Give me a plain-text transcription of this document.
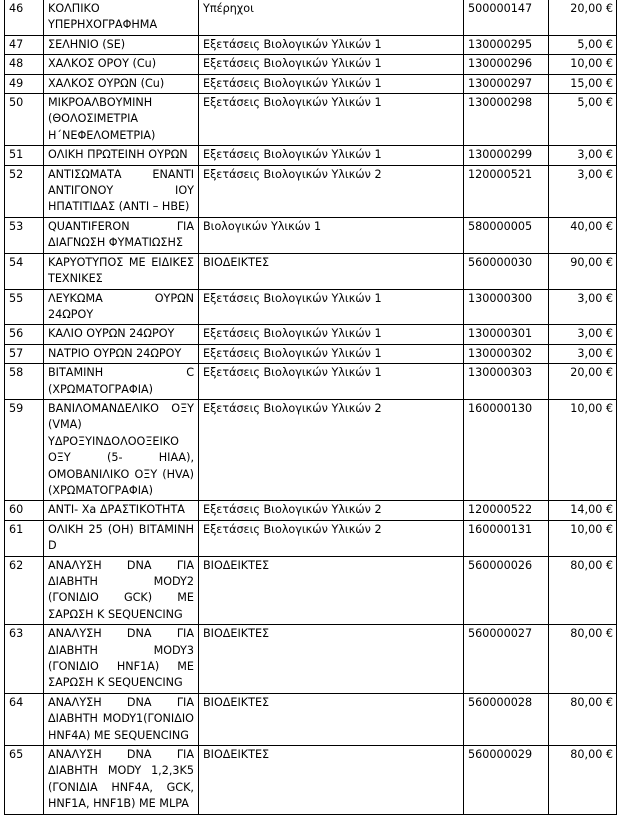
46	ΚΟΛΠΙΚΟ ΥΠΕΡΗΧΟΓΡΑΦΗΜΑ	Υπέρηχοι	500000147	20,00 €

47	ΣΕΛΗΝΙΟ (SE)	Εξετάσεις Βιολογικών Υλικών 1	130000295	5,00 €

48	ΧΑΛΚΟΣ ΟΡΟΥ (Cu)	Εξετάσεις Βιολογικών Υλικών 1	130000296	10,00 €

49	ΧΑΛΚΟΣ ΟΥΡΩΝ (Cu)	Εξετάσεις Βιολογικών Υλικών 1	130000297	15,00 €

50	ΜΙΚΡΟΑΛΒΟΥΜΙΝΗ (ΘΟΛΟΣΙΜΕΤΡΙΑ Η΄ΝΕΦΕΛΟΜΕΤΡΙΑ)	Εξετάσεις Βιολογικών Υλικών 1	130000298	5,00 €

51	ΟΛΙΚΗ ΠΡΩΤΕΙΝΗ ΟΥΡΩΝ	Εξετάσεις Βιολογικών Υλικών 1	130000299	3,00 €

52	ΑΝΤΙΣΩΜΑΤΑ ΕΝΑΝΤΙ ΑΝΤΙΓΟΝΟΥ ΙΟΥ ΗΠΑΤΙΤΙΔΑΣ (ΑΝΤΙ – HBE)	Εξετάσεις Βιολογικών Υλικών 2	120000521	3,00 €

53	QUANTIFERON ΓΙΑ ΔΙΑΓΝΩΣΗ ΦΥΜΑΤΙΩΣΗΣ	Βιολογικών Υλικών 1	580000005	40,00 €

54	ΚΑΡΥΟΤΥΠΟΣ ΜΕ ΕΙΔΙΚΕΣ ΤΕΧΝΙΚΕΣ	ΒΙΟΔΕΙΚΤΕΣ	560000030	90,00 €

55	ΛΕΥΚΩΜΑ ΟΥΡΩΝ 24ΩΡΟΥ	Εξετάσεις Βιολογικών Υλικών 1	130000300	3,00 €

56	ΚΑΛΙΟ ΟΥΡΩΝ 24ΩΡΟΥ	Εξετάσεις Βιολογικών Υλικών 1	130000301	3,00 €

57	ΝΑΤΡΙΟ ΟΥΡΩΝ 24ΩΡΟΥ	Εξετάσεις Βιολογικών Υλικών 1	130000302	3,00 €

58	ΒΙΤΑΜΙΝΗ C (ΧΡΩΜΑΤΟΓΡΑΦΙΑ)	Εξετάσεις Βιολογικών Υλικών 1	130000303	20,00 €

59	ΒΑΝΙΛΟΜΑΝΔΕΛΙΚΟ ΟΞΥ (VMA) ΥΔΡΟΞΥΙΝΔΟΛΟΟΞΕΙΚΟ ΟΞΥ (5- HIAA), ΟΜΟΒΑΝΙΛΙΚΟ ΟΞΥ (HVA) (ΧΡΩΜΑΤΟΓΡΑΦΙΑ)	Εξετάσεις Βιολογικών Υλικών 2	160000130	10,00 €

60	ΑΝΤΙ- Xa ΔΡΑΣΤΙΚΟΤΗΤΑ	Εξετάσεις Βιολογικών Υλικών 2	120000522	14,00 €

61	ΟΛΙΚΗ 25 (ΟΗ) ΒΙΤΑΜΙΝΗ D	Εξετάσεις Βιολογικών Υλικών 2	160000131	10,00 €

62	ΑΝΑΛΥΣΗ DNA ΓΙΑ ΔΙΑΒΗΤΗ MODY2 (ΓΟΝΙΔΙΟ GCK) ΜΕ ΣΑΡΩΣΗ Κ SEQUENCING	ΒΙΟΔΕΙΚΤΕΣ	560000026	80,00 €

63	ΑΝΑΛΥΣΗ DNA ΓΙΑ ΔΙΑΒΗΤΗ MODY3 (ΓΟΝΙΔΙΟ HNF1A) ΜΕ ΣΑΡΩΣΗ Κ SEQUENCING	ΒΙΟΔΕΙΚΤΕΣ	560000027	80,00 €

64	ΑΝΑΛΥΣΗ DNA ΓΙΑ ΔΙΑΒΗΤΗ MODY1(ΓΟΝΙΔΙΟ HNF4A) ΜΕ SEQUENCING	ΒΙΟΔΕΙΚΤΕΣ	560000028	80,00 €

65	ΑΝΑΛΥΣΗ DNA ΓΙΑ ΔΙΑΒΗΤΗ MODY 1,2,3Κ5 (ΓΟΝΙΔΙΑ HNF4A, GCK, HNF1A, HNF1B) ΜΕ MLPA	ΒΙΟΔΕΙΚΤΕΣ	560000029	80,00 €
